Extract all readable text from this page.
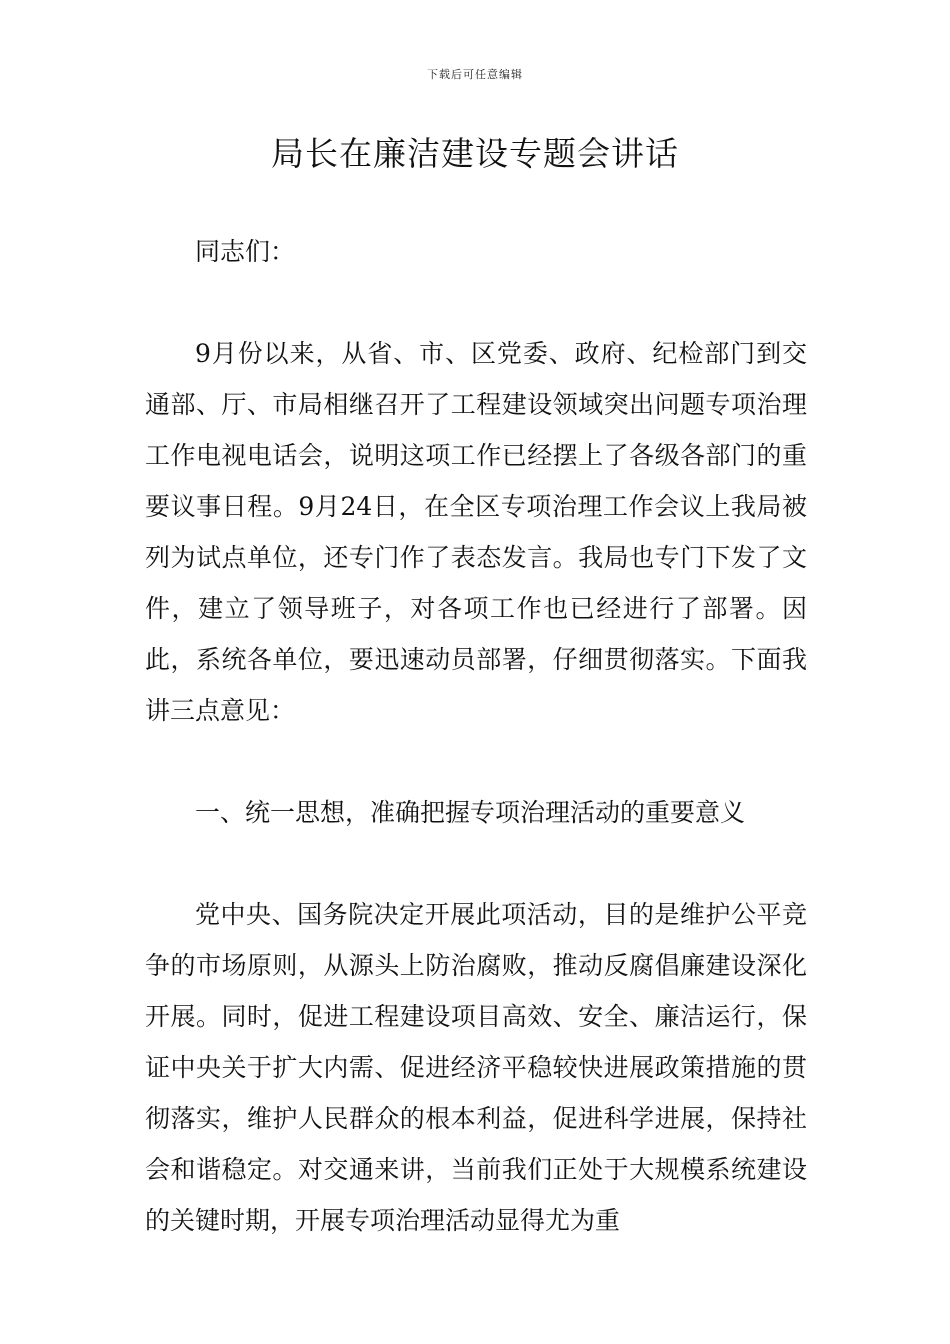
下载后可任意编辑
局长在廉洁建设专题会讲话

同志们：

9月份以来，从省、市、区党委、政府、纪检部门到交通部、厅、市局相继召开了工程建设领域突出问题专项治理工作电视电话会，说明这项工作已经摆上了各级各部门的重要议事日程。9月24日，在全区专项治理工作会议上我局被列为试点单位，还专门作了表态发言。我局也专门下发了文件，建立了领导班子，对各项工作也已经进行了部署。因此，系统各单位，要迅速动员部署，仔细贯彻落实。下面我讲三点意见：

一、统一思想，准确把握专项治理活动的重要意义

党中央、国务院决定开展此项活动，目的是维护公平竞争的市场原则，从源头上防治腐败，推动反腐倡廉建设深化开展。同时，促进工程建设项目高效、安全、廉洁运行，保证中央关于扩大内需、促进经济平稳较快进展政策措施的贯彻落实，维护人民群众的根本利益，促进科学进展，保持社会和谐稳定。对交通来讲，当前我们正处于大规模系统建设的关键时期，开展专项治理活动显得尤为重
